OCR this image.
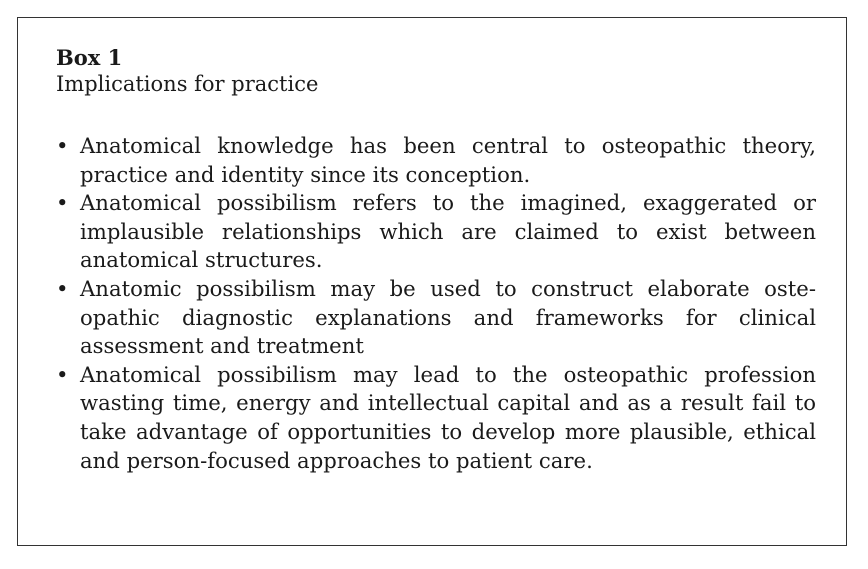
Box 1

Implications for practice

• Anatomical knowledge has been central to osteopathic theory, practice and identity since its conception.
• Anatomical possibilism refers to the imagined, exaggerated or implausible relationships which are claimed to exist between anatomical structures.
• Anatomic possibilism may be used to construct elaborate osteopathic diagnostic explanations and frameworks for clinical assessment and treatment
• Anatomical possibilism may lead to the osteopathic profession wasting time, energy and intellectual capital and as a result fail to take advantage of opportunities to develop more plausible, ethical and person-focused approaches to patient care.
